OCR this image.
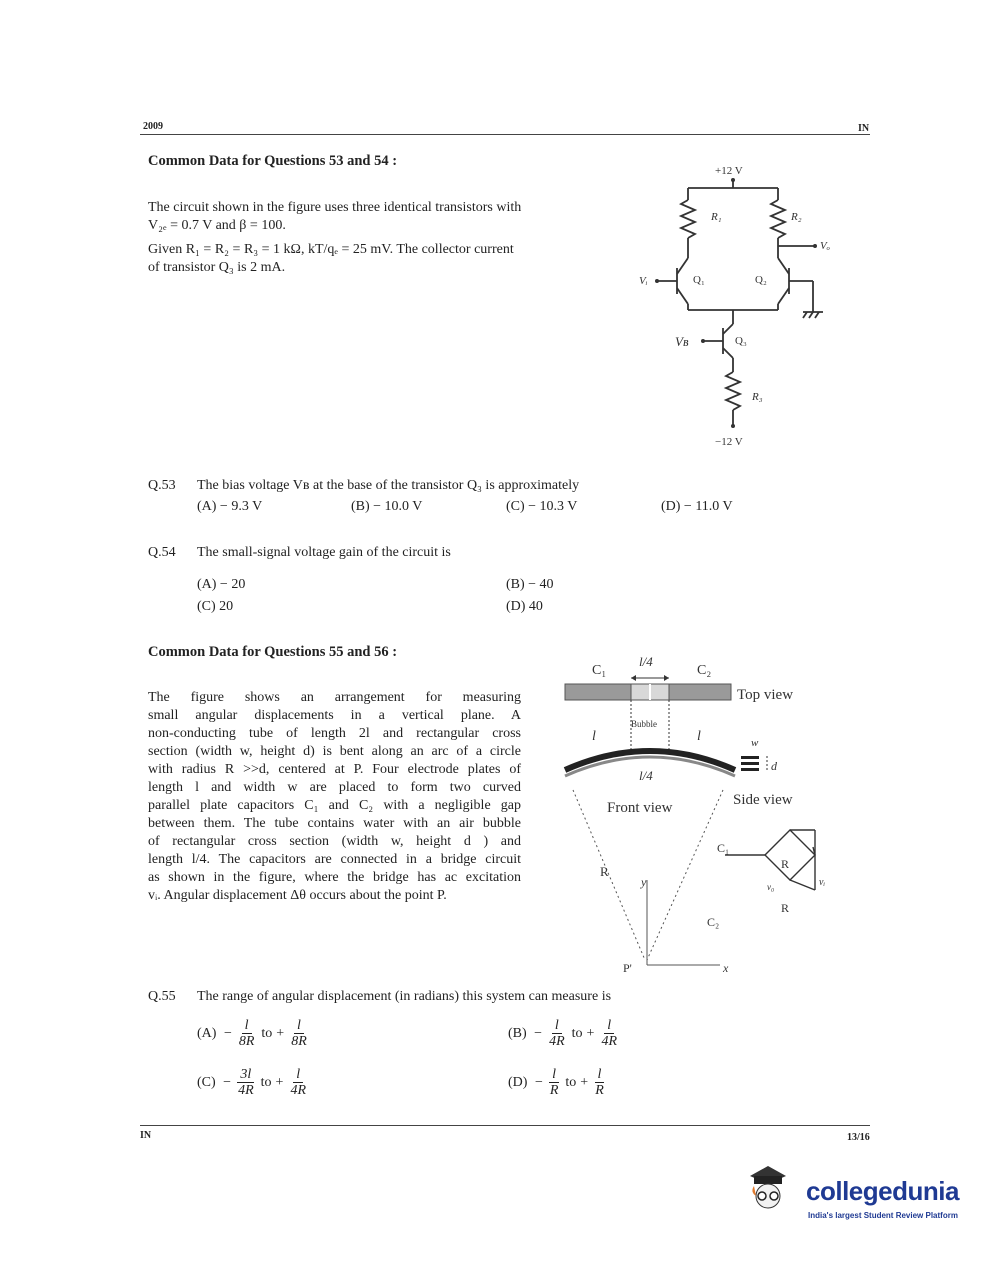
2009	IN
Common Data for Questions 53 and 54 :
The circuit shown in the figure uses three identical transistors with
V₂ₑ = 0.7 V and β = 100.
Given R₁ = R₂ = R₃ = 1 kΩ, kT/qₑ = 25 mV. The collector current
of transistor Q₃ is 2 mA.
+12 V
R₁	R₂
Vₒ
Vᵢ	Q₁	Q₂
Q₃
Vʙ
R₃
−12 V
Q.53 The bias voltage Vʙ at the base of the transistor Q₃ is approximately
(A) − 9.3 V	(B) − 10.0 V	(C) − 10.3 V	(D) − 11.0 V
Q.54 The small-signal voltage gain of the circuit is
(A) − 20	(B) − 40
(C) 20	(D) 40
Common Data for Questions 55 and 56 :
The figure shows an arrangement for measuring
small angular displacements in a vertical plane. A
non-conducting tube of length 2l and rectangular cross
section (width w, height d) is bent along an arc of a circle
with radius R >>d, centered at P. Four electrode plates of
length l and width w are placed to form two curved
parallel plate capacitors C₁ and C₂ with a negligible gap
between them. The tube contains water with an air bubble
of rectangular cross section (width w, height d ) and
length l/4. The capacitors are connected in a bridge circuit
as shown in the figure, where the bridge has ac excitation
vᵢ. Angular displacement Δθ occurs about the point P.
C₁	C₂
l/4
Top view
Bubble
l	l
l/4
Front view	Side view
w
d
R
y
P'	x
C₁
C₂
R
R
vᵢ
v₀
Q.55 The range of angular displacement (in radians) this system can measure is
$(A) - \frac{l}{8R}$ to + $\frac{l}{8R}$	$(B) - \frac{l}{4R}$ to + $\frac{l}{4R}$
$(C) - \frac{3l}{4R}$ to + $\frac{l}{4R}$	$(D) - \frac{l}{R}$ to + $\frac{l}{R}$
IN	13/16
collegedunia
India's largest Student Review Platform
